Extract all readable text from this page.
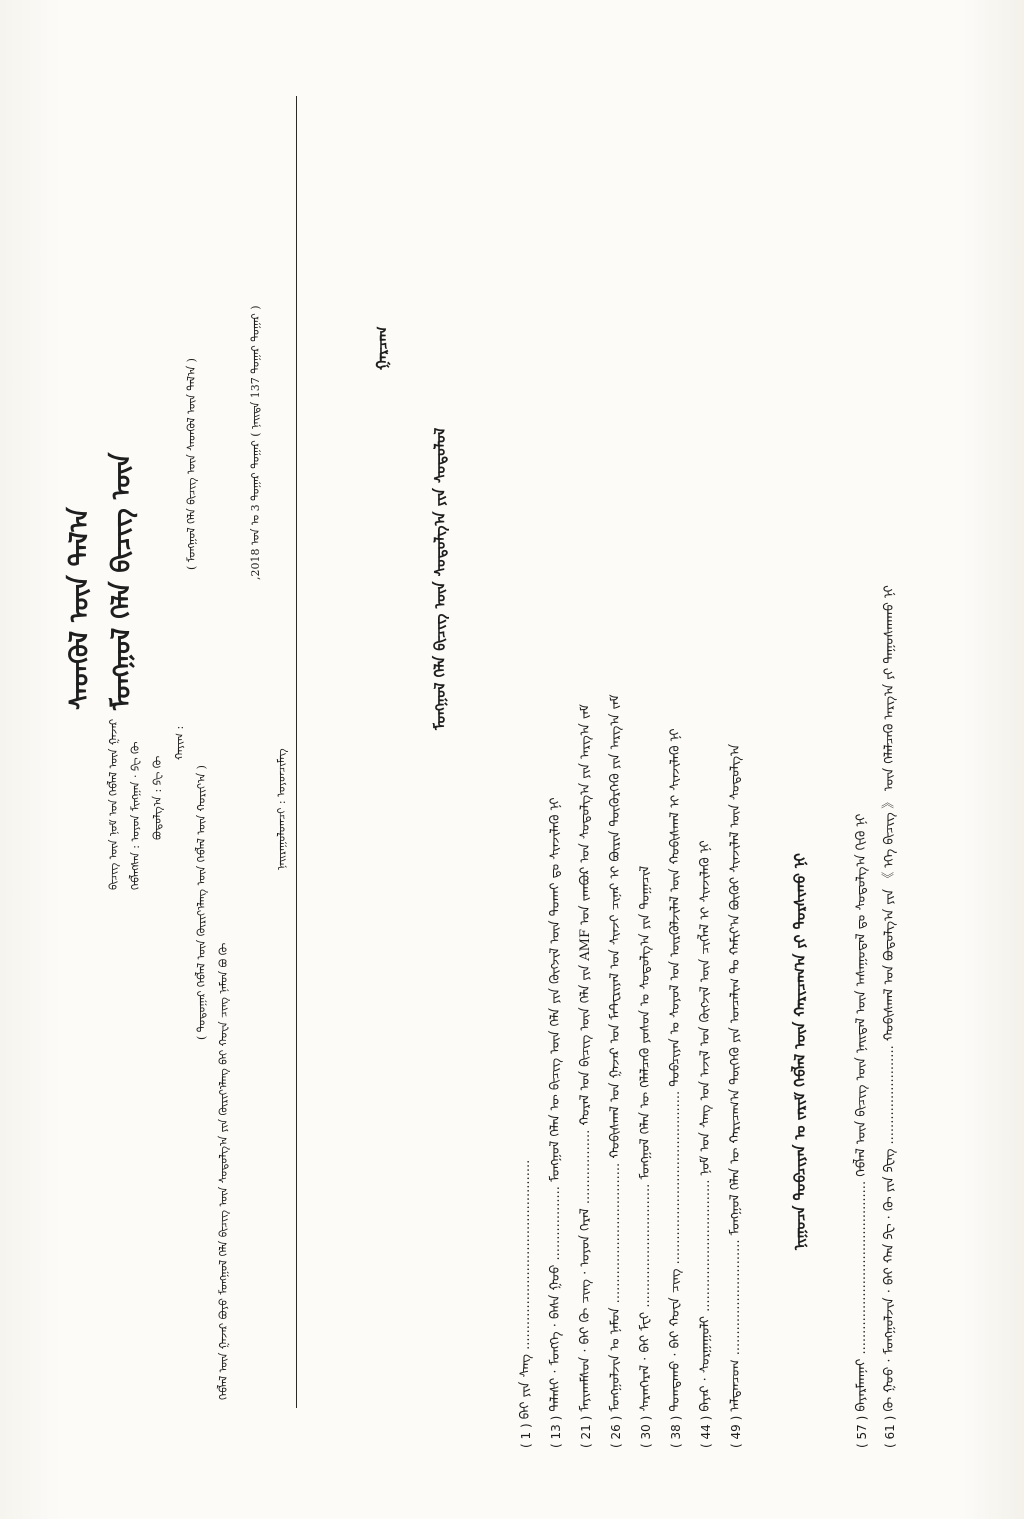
( 61 ) ᠬᠦ ᠭᠤᠤ · ᠮᠣᠩᠭᠣᠯᠵᠢᠨ · ᠪᠠᠢ ᠬᠠᠨ ᠫᠧ · ᠬᠦ ᠶᠢᠨ ᠫᠧᠩ ........................ ᠬᠣᠪᠢᠰᠬᠠᠯ ᠤᠨ ᠪᠣᠳᠣᠯᠭ᠎ᠠ ᠶᠢᠨ 《 ᠡᠬᠡ ᠪᠢᠴᠢᠭ 》 ᠦᠨ ᠬᠡᠯᠡᠯᠴᠡᠬᠦ ᠠᠷᠭ᠎ᠠ ᠶᠢ ᠳᠠᠭᠤᠰᠬᠠᠬᠤ ᠨᠢ
( 57 ) ᠪᠠᠶᠠᠷᠮᠠᠭᠨᠠᠢ .......................................... ᠬᠡᠪᠯᠡᠯ ᠦᠨ ᠪᠢᠴᠢᠭ ᠦᠨ ᠨᠡᠢᠳᠡᠯ ᠦᠨ ᠠᠰᠠᠭᠤᠳᠠᠯ ᠳᠤ ᠰᠤᠳᠤᠯᠭ᠎ᠠ ᠬᠢᠬᠦ ᠨᠢ
ᠨᠢᠭᠤᠴᠠ ᠲᠣᠪᠴᠢᠶᠠᠨ ᠤ ᠵᠠᠷᠢᠮ ᠬᠡᠪᠯᠡᠯ ᠦᠨ ᠬᠠᠷᠢᠴᠠᠭ᠎ᠠ ᠶᠢ ᠲᠤᠷᠰᠢᠬᠤ ᠨᠢ
( 49 ) ᠠᠯᠲᠠᠨᠴᠤᠭ ............................ ᠮᠣᠩᠭᠣᠯ ᠬᠡᠯᠡᠨ ᠦ ᠬᠠᠷᠢᠴᠠᠭ᠎ᠠ ᠲᠥᠭᠡᠬᠦ ᠶᠢᠨ ᠣᠨᠴᠠᠯᠢᠭ ᠲᠤ ᠬᠠᠮᠢᠶ᠎ᠠ ᠪᠦᠬᠦᠢ ᠰᠢᠨᠵᠢᠯᠡᠯ ᠦᠨ ᠰᠤᠳᠤᠯᠭ᠎ᠠ
( 44 ) ᠪᠠᠶᠠᠷ · ᠰᠤᠷᠭᠠᠭᠤᠯᠢ ................................ ᠨᠣᠮ ᠤᠨ ᠰᠠᠩ ᠤᠨ ᠠᠵᠢᠯ ᠤᠨ ᠬᠥᠭᠵᠢᠯ ᠦᠨ ᠴᠢᠭᠯᠡᠯ ᠢ ᠰᠢᠨᠵᠢᠯᠡᠬᠦ ᠨᠢ
( 38 ) ᠲᠣᠭᠲᠠᠬᠤ · ᠪᠠᠢ ᠬᠤᠸᠠ ᠴᠢᠩ .......................................... ᠲᠣᠪᠴᠢᠶᠠᠨ ᠤ ᠰᠣᠶᠣᠯ ᠤᠨ ᠦᠷᠭᠦᠯᠵᠢᠯᠡᠯ ᠦᠨ ᠬᠤᠪᠢᠰᠬᠠᠯ ᠢ ᠰᠢᠨᠵᠢᠯᠡᠬᠦ ᠨᠢ
( 30 ) ᠰᠠᠷᠠᠨᠭᠡᠷᠡᠯ · ᠪᠠᠢ ᠮᠧᠢ .............................. ᠮᠣᠩᠭᠣᠯ ᠬᠡᠯᠡᠨ ᠦ ᠬᠡᠯᠡᠯᠴᠡᠬᠦ ᠶᠣᠰᠣᠨ ᠤ ᠰᠤᠳᠤᠯᠭ᠎ᠠ ᠶᠢᠨ ᠲᠣᠭᠠᠴᠢᠯ
( 26 ) ᠮᠣᠩᠭᠣᠯᠵᠢᠨ ᠤ ᠨᠠᠮᠤᠨ .................................. ᠬᠣᠪᠢᠰᠬᠠᠯ ᠤᠨ ᠭᠠᠵᠠᠷ ᠤᠨ ᠮᠠᠲ᠋ᠧᠷᠢᠶᠠᠯ ᠤᠨ ᠰᠢᠨᠵᠢ ᠴᠢᠨᠠᠷ ᠢ ᠪᠦᠷᠢᠨ ᠳᠦᠭᠦᠷᠭᠡᠬᠦ ᠶᠢᠨ ᠠᠷᠭ᠎ᠠ ᠵᠠᠮ
( 21 ) ᠮᠠᠶᠢᠬᠠᠮᠰᠤᠨ · ᠪᠠᠢ ᠬᠦ ᠴᠢᠩ · ᠣᠶᠤᠨ ᠭᠡᠷᠡᠯ .................. ᠬᠤᠷᠠᠯ ᠤᠨ ᠪᠢᠴᠢᠭ ᠦᠨ ᠬᠡᠯᠡ ᠶᠢᠨ AMF ᠤᠨ ᠵᠠᠭᠪᠤᠷ ᠤᠨ ᠰᠤᠳᠤᠯᠭ᠎ᠠ ᠶᠢᠨ ᠠᠷᠭ᠎ᠠ ᠵᠠᠮ
( 13 ) ᠲᠠᠯᠠᠰᠢ · ᠮᠤᠩᠬᠡ · ᠪᠠᠰᠠ ᠭᠣᠣ .................. ᠮᠣᠩᠭᠣᠯ ᠬᠡᠯᠡᠨ ᠦ ᠪᠢᠴᠢᠭ ᠦᠨ ᠬᠡᠯᠡ ᠶᠢᠨ ᠬᠥᠭᠵᠢᠯ ᠦᠨ ᠲᠤᠬᠠᠢ ᠳᠤ ᠰᠢᠨᠵᠢᠯᠡᠬᠦ ᠨᠢ
( 1 ) ᠪᠠᠢ ᠶᠢᠨ ᠰᠠᠩ ..............................................
ᠮᠣᠩᠭᠣᠯ ᠬᠡᠯᠡ ᠪᠢᠴᠢᠭ ᠦᠨ ᠰᠤᠳᠤᠯᠭ᠎ᠠ ᠶᠢᠨ ᠰᠤᠳᠤᠯᠤᠯ
ᠭᠠᠷᠴᠠᠭ
ᠨᠠᠢᠷᠠᠭᠤᠯᠤᠭᠴᠢ : ᠣᠶᠤᠨᠴᠢᠮᠡᠭ
ᠬᠡᠪᠯᠡᠯ ᠦᠨ ᠭᠠᠵᠠᠷ ᠪᠤᠶᠤ ᠮᠣᠩᠭᠣᠯ ᠬᠡᠯᠡ ᠪᠢᠴᠢᠭ ᠦᠨ ᠰᠤᠳᠤᠯᠭ᠎ᠠ ᠶᠢᠨ ᠬᠦᠷᠢᠶ᠎ᠡᠯᠡᠩ ᠪᠠᠢ ᠬᠤᠸᠠ ᠴᠢᠩ ᠨᠠᠮᠤᠨ ᠪᠤ ᠬᠦ
( ᠳᠤᠳᠤᠭᠠᠷ ᠬᠡᠪᠯᠡᠯ ᠦᠨ ᠬᠦᠷᠢᠶ᠎ᠡᠯᠡᠩ ᠦᠨ ᠬᠡᠪᠯᠡᠯ ᠦᠨ ᠬᠤᠷᠢᠶ᠎ᠠ )
ᠬᠠᠶᠢᠭ :
ᠪᠤᠳᠤᠯᠭ᠎ᠠ : ᠫᠧ ᠬᠦ
ᠬᠡᠪᠯᠡᠭᠰᠡᠨ : ᠣᠶᠤᠨ ᠮᠢᠩᠭᠠᠨ · ᠫᠧ ᠬᠦ
ᠪᠢᠴᠢᠭ ᠦᠨ ᠨᠣᠮ ᠤᠨ ᠬᠡᠪᠯᠡᠯ ᠦᠨ ᠭᠠᠵᠠᠷ
,2018 ᠣᠨ ᠤ 3 ᠳᠤᠭᠠᠷ ᠳᠤᠭᠠᠷ ( ᠨᠡᠢᠲᠡ 137 ᠳᠤᠭᠠᠷ ᠳᠤᠭᠠᠷ )
( ᠮᠣᠩᠭᠣᠯ ᠬᠡᠯᠡ ᠪᠢᠴᠢᠭ ᠦᠨ ᠰᠡᠳᠬᠦᠯ ᠦᠨ ᠲᠠᠯ᠎ᠠ )
ᠮᠣᠩᠭᠣᠯ ᠬᠡᠯᠡ ᠪᠢᠴᠢᠭ ᠦᠨ
ᠰᠡᠳᠬᠦᠯ ᠦᠨ ᠲᠠᠯ᠎ᠠ
